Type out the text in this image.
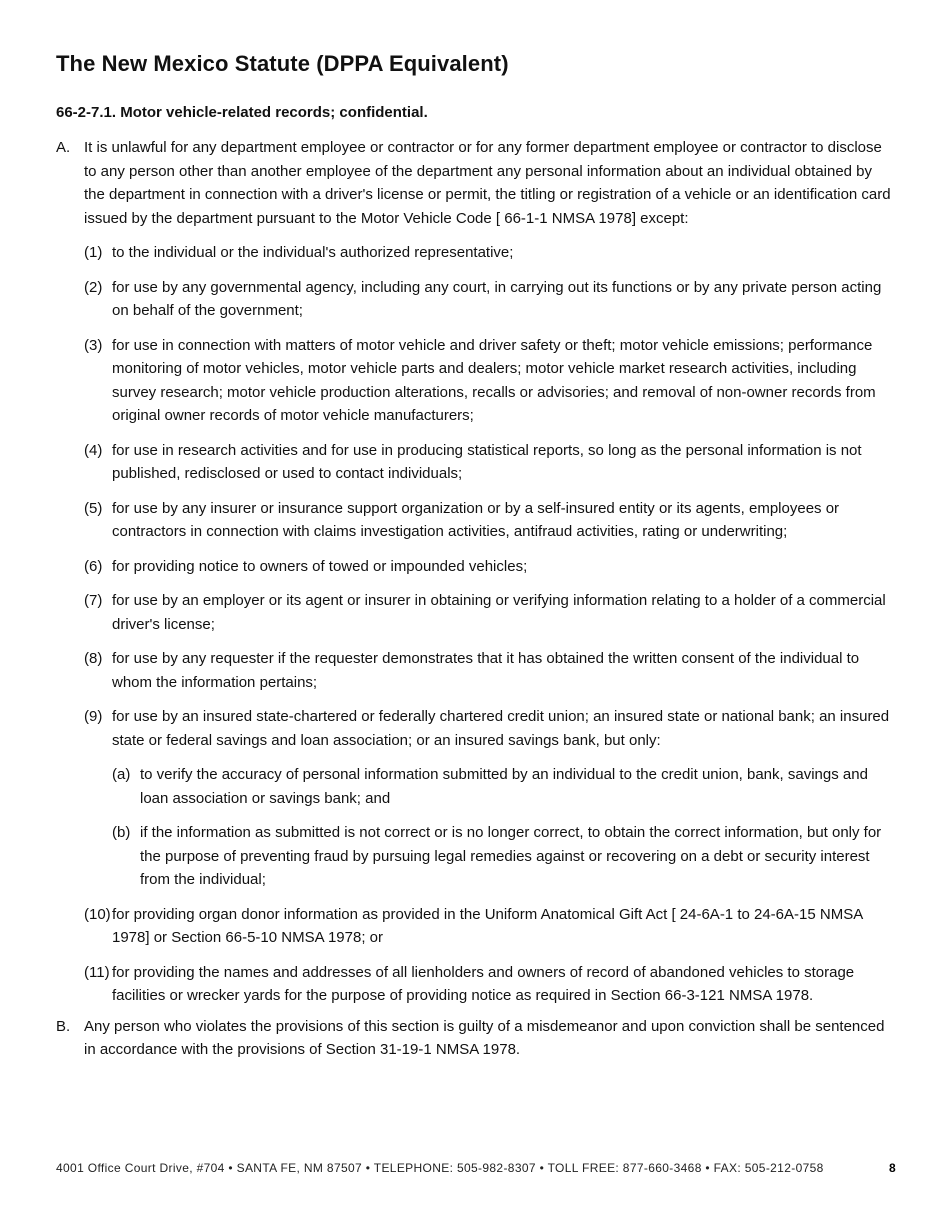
The New Mexico Statute (DPPA Equivalent)
66-2-7.1. Motor vehicle-related records; confidential.
A. It is unlawful for any department employee or contractor or for any former department employee or contractor to disclose to any person other than another employee of the department any personal information about an individual obtained by the department in connection with a driver's license or permit, the titling or registration of a vehicle or an identification card issued by the department pursuant to the Motor Vehicle Code [ 66-1-1 NMSA 1978] except:
(1) to the individual or the individual's authorized representative;
(2) for use by any governmental agency, including any court, in carrying out its functions or by any private person acting on behalf of the government;
(3) for use in connection with matters of motor vehicle and driver safety or theft; motor vehicle emissions; performance monitoring of motor vehicles, motor vehicle parts and dealers; motor vehicle market research activities, including survey research; motor vehicle production alterations, recalls or advisories; and removal of non-owner records from original owner records of motor vehicle manufacturers;
(4) for use in research activities and for use in producing statistical reports, so long as the personal information is not published, redisclosed or used to contact individuals;
(5) for use by any insurer or insurance support organization or by a self-insured entity or its agents, employees or contractors in connection with claims investigation activities, antifraud activities, rating or underwriting;
(6) for providing notice to owners of towed or impounded vehicles;
(7) for use by an employer or its agent or insurer in obtaining or verifying information relating to a holder of a commercial driver's license;
(8) for use by any requester if the requester demonstrates that it has obtained the written consent of the individual to whom the information pertains;
(9) for use by an insured state-chartered or federally chartered credit union; an insured state or national bank; an insured state or federal savings and loan association; or an insured savings bank, but only:
(a) to verify the accuracy of personal information submitted by an individual to the credit union, bank, savings and loan association or savings bank; and
(b) if the information as submitted is not correct or is no longer correct, to obtain the correct information, but only for the purpose of preventing fraud by pursuing legal remedies against or recovering on a debt or security interest from the individual;
(10) for providing organ donor information as provided in the Uniform Anatomical Gift Act [ 24-6A-1 to 24-6A-15 NMSA 1978] or Section 66-5-10 NMSA 1978; or
(11) for providing the names and addresses of all lienholders and owners of record of abandoned vehicles to storage facilities or wrecker yards for the purpose of providing notice as required in Section 66-3-121 NMSA 1978.
B. Any person who violates the provisions of this section is guilty of a misdemeanor and upon conviction shall be sentenced in accordance with the provisions of Section 31-19-1 NMSA 1978.
4001 Office Court Drive, #704 • SANTA FE, NM 87507 • TELEPHONE: 505-982-8307 • TOLL FREE: 877-660-3468 • FAX: 505-212-0758	8
